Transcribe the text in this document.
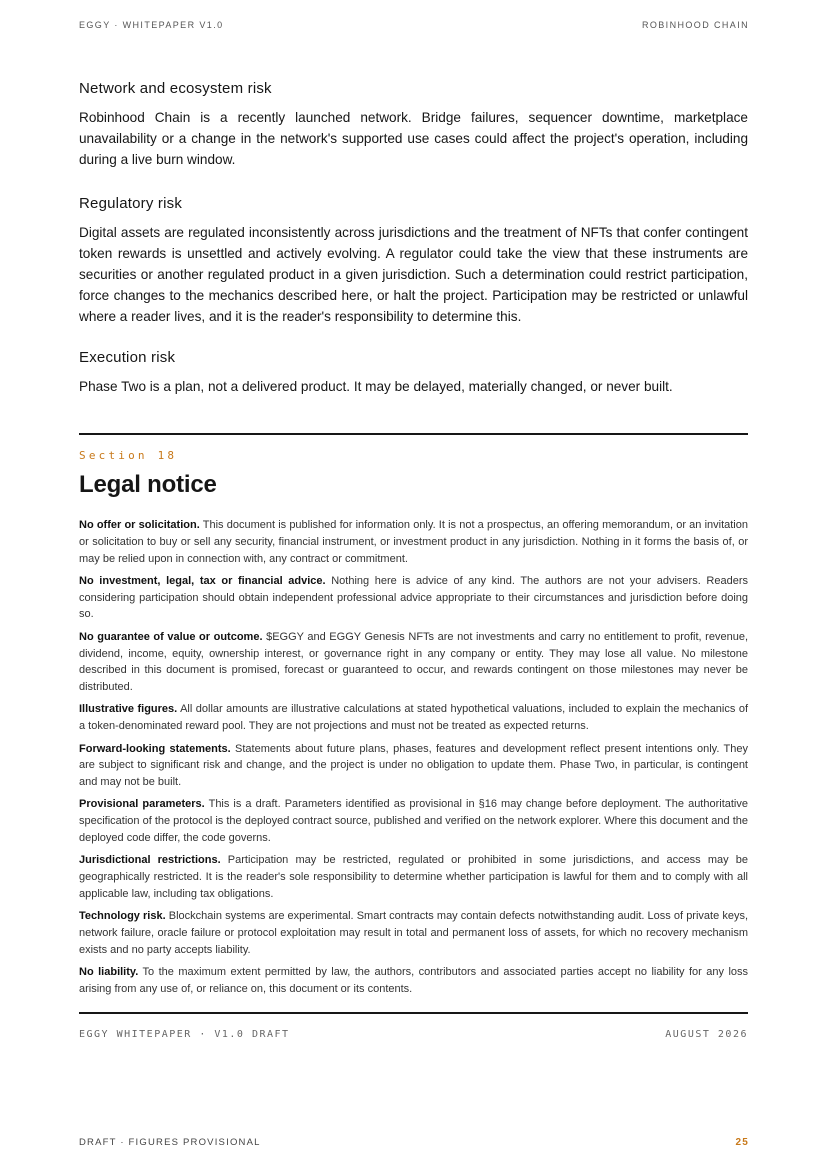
EGGY · WHITEPAPER V1.0	ROBINHOOD CHAIN
Network and ecosystem risk

Robinhood Chain is a recently launched network. Bridge failures, sequencer downtime, marketplace unavailability or a change in the network's supported use cases could affect the project's operation, including during a live burn window.

Regulatory risk

Digital assets are regulated inconsistently across jurisdictions and the treatment of NFTs that confer contingent token rewards is unsettled and actively evolving. A regulator could take the view that these instruments are securities or another regulated product in a given jurisdiction. Such a determination could restrict participation, force changes to the mechanics described here, or halt the project. Participation may be restricted or unlawful where a reader lives, and it is the reader's responsibility to determine this.

Execution risk

Phase Two is a plan, not a delivered product. It may be delayed, materially changed, or never built.

Section 18
Legal notice

No offer or solicitation. This document is published for information only. It is not a prospectus, an offering memorandum, or an invitation or solicitation to buy or sell any security, financial instrument, or investment product in any jurisdiction. Nothing in it forms the basis of, or may be relied upon in connection with, any contract or commitment.

No investment, legal, tax or financial advice. Nothing here is advice of any kind. The authors are not your advisers. Readers considering participation should obtain independent professional advice appropriate to their circumstances and jurisdiction before doing so.

No guarantee of value or outcome. $EGGY and EGGY Genesis NFTs are not investments and carry no entitlement to profit, revenue, dividend, income, equity, ownership interest, or governance right in any company or entity. They may lose all value. No milestone described in this document is promised, forecast or guaranteed to occur, and rewards contingent on those milestones may never be distributed.

Illustrative figures. All dollar amounts are illustrative calculations at stated hypothetical valuations, included to explain the mechanics of a token-denominated reward pool. They are not projections and must not be treated as expected returns.

Forward-looking statements. Statements about future plans, phases, features and development reflect present intentions only. They are subject to significant risk and change, and the project is under no obligation to update them. Phase Two, in particular, is contingent and may not be built.

Provisional parameters. This is a draft. Parameters identified as provisional in §16 may change before deployment. The authoritative specification of the protocol is the deployed contract source, published and verified on the network explorer. Where this document and the deployed code differ, the code governs.

Jurisdictional restrictions. Participation may be restricted, regulated or prohibited in some jurisdictions, and access may be geographically restricted. It is the reader's sole responsibility to determine whether participation is lawful for them and to comply with all applicable law, including tax obligations.

Technology risk. Blockchain systems are experimental. Smart contracts may contain defects notwithstanding audit. Loss of private keys, network failure, oracle failure or protocol exploitation may result in total and permanent loss of assets, for which no recovery mechanism exists and no party accepts liability.

No liability. To the maximum extent permitted by law, the authors, contributors and associated parties accept no liability for any loss arising from any use of, or reliance on, this document or its contents.

EGGY WHITEPAPER · V1.0 DRAFT	AUGUST 2026
DRAFT · FIGURES PROVISIONAL	25
